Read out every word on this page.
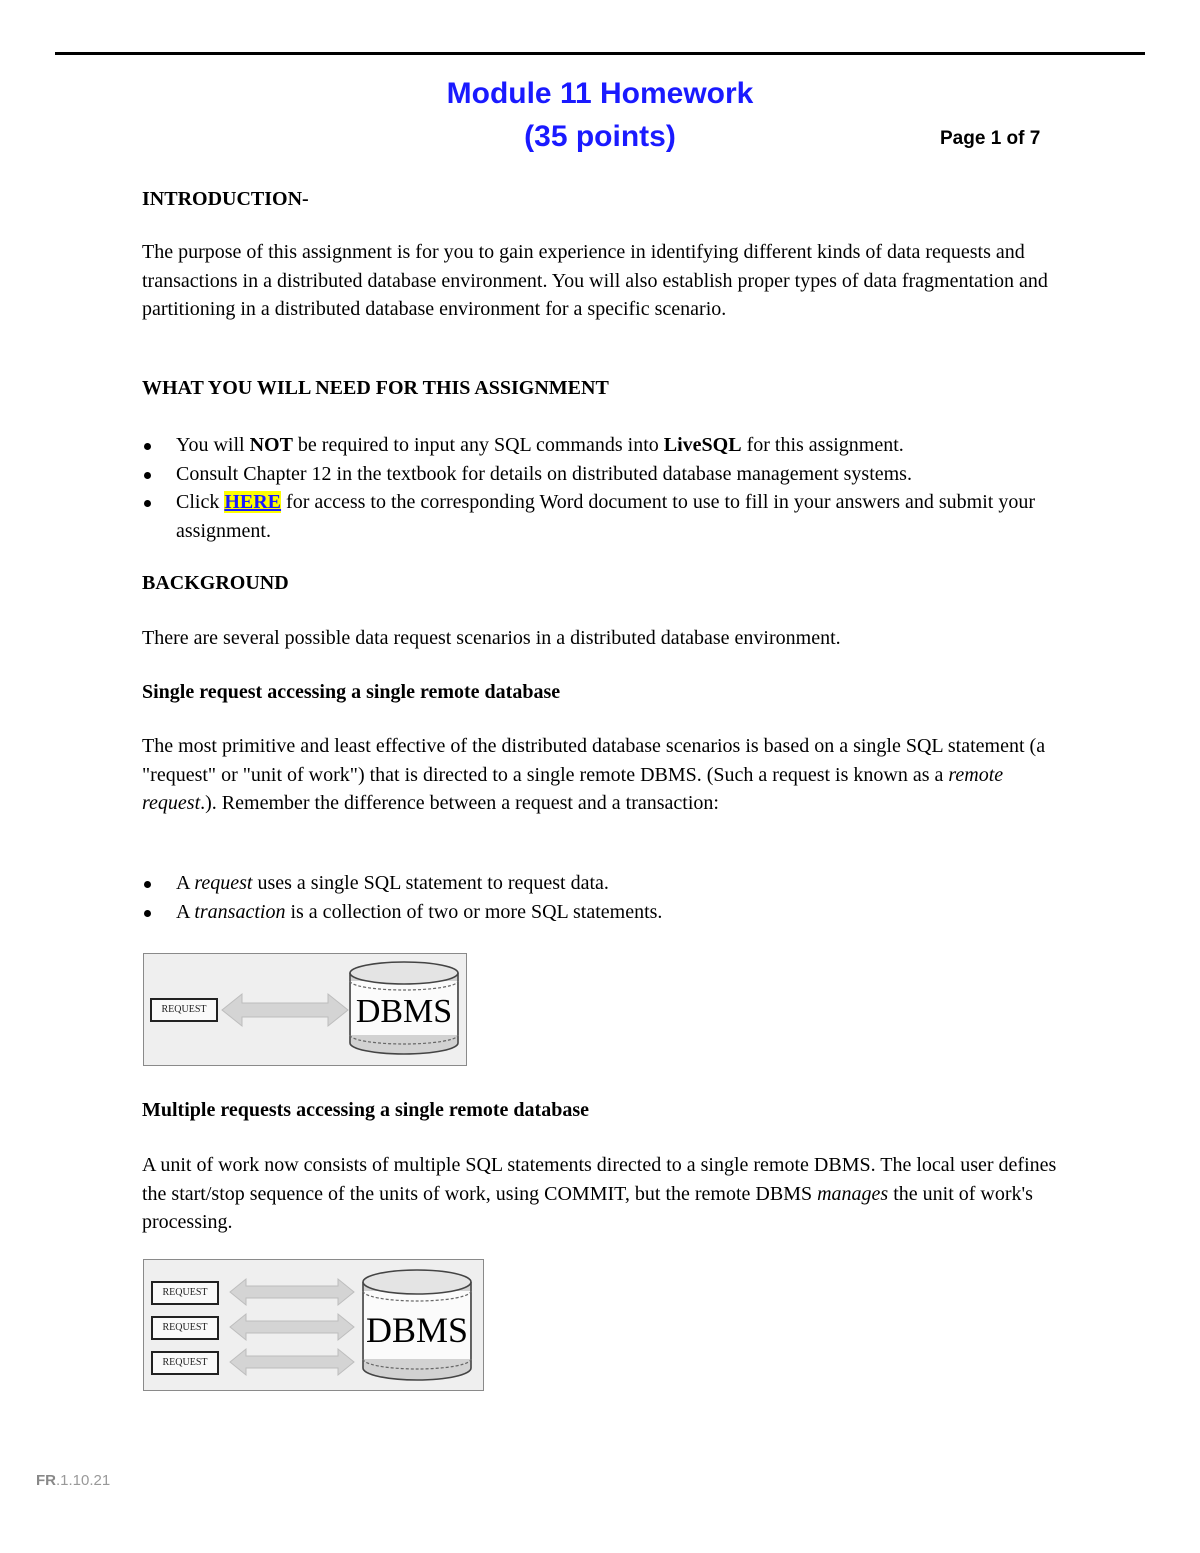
Module 11 Homework
(35 points)	Page 1 of 7
INTRODUCTION-
The purpose of this assignment is for you to gain experience in identifying different kinds of data requests and transactions in a distributed database environment. You will also establish proper types of data fragmentation and partitioning in a distributed database environment for a specific scenario.
WHAT YOU WILL NEED FOR THIS ASSIGNMENT
You will NOT be required to input any SQL commands into LiveSQL for this assignment.
Consult Chapter 12 in the textbook for details on distributed database management systems.
Click HERE for access to the corresponding Word document to use to fill in your answers and submit your assignment.
BACKGROUND
There are several possible data request scenarios in a distributed database environment.
Single request accessing a single remote database
The most primitive and least effective of the distributed database scenarios is based on a single SQL statement (a "request" or "unit of work") that is directed to a single remote DBMS. (Such a request is known as a remote request.). Remember the difference between a request and a transaction:
A request uses a single SQL statement to request data.
A transaction is a collection of two or more SQL statements.
REQUEST	DBMS
Multiple requests accessing a single remote database
A unit of work now consists of multiple SQL statements directed to a single remote DBMS. The local user defines the start/stop sequence of the units of work, using COMMIT, but the remote DBMS manages the unit of work's processing.
REQUEST
REQUEST
REQUEST
DBMS
FR.1.10.21
